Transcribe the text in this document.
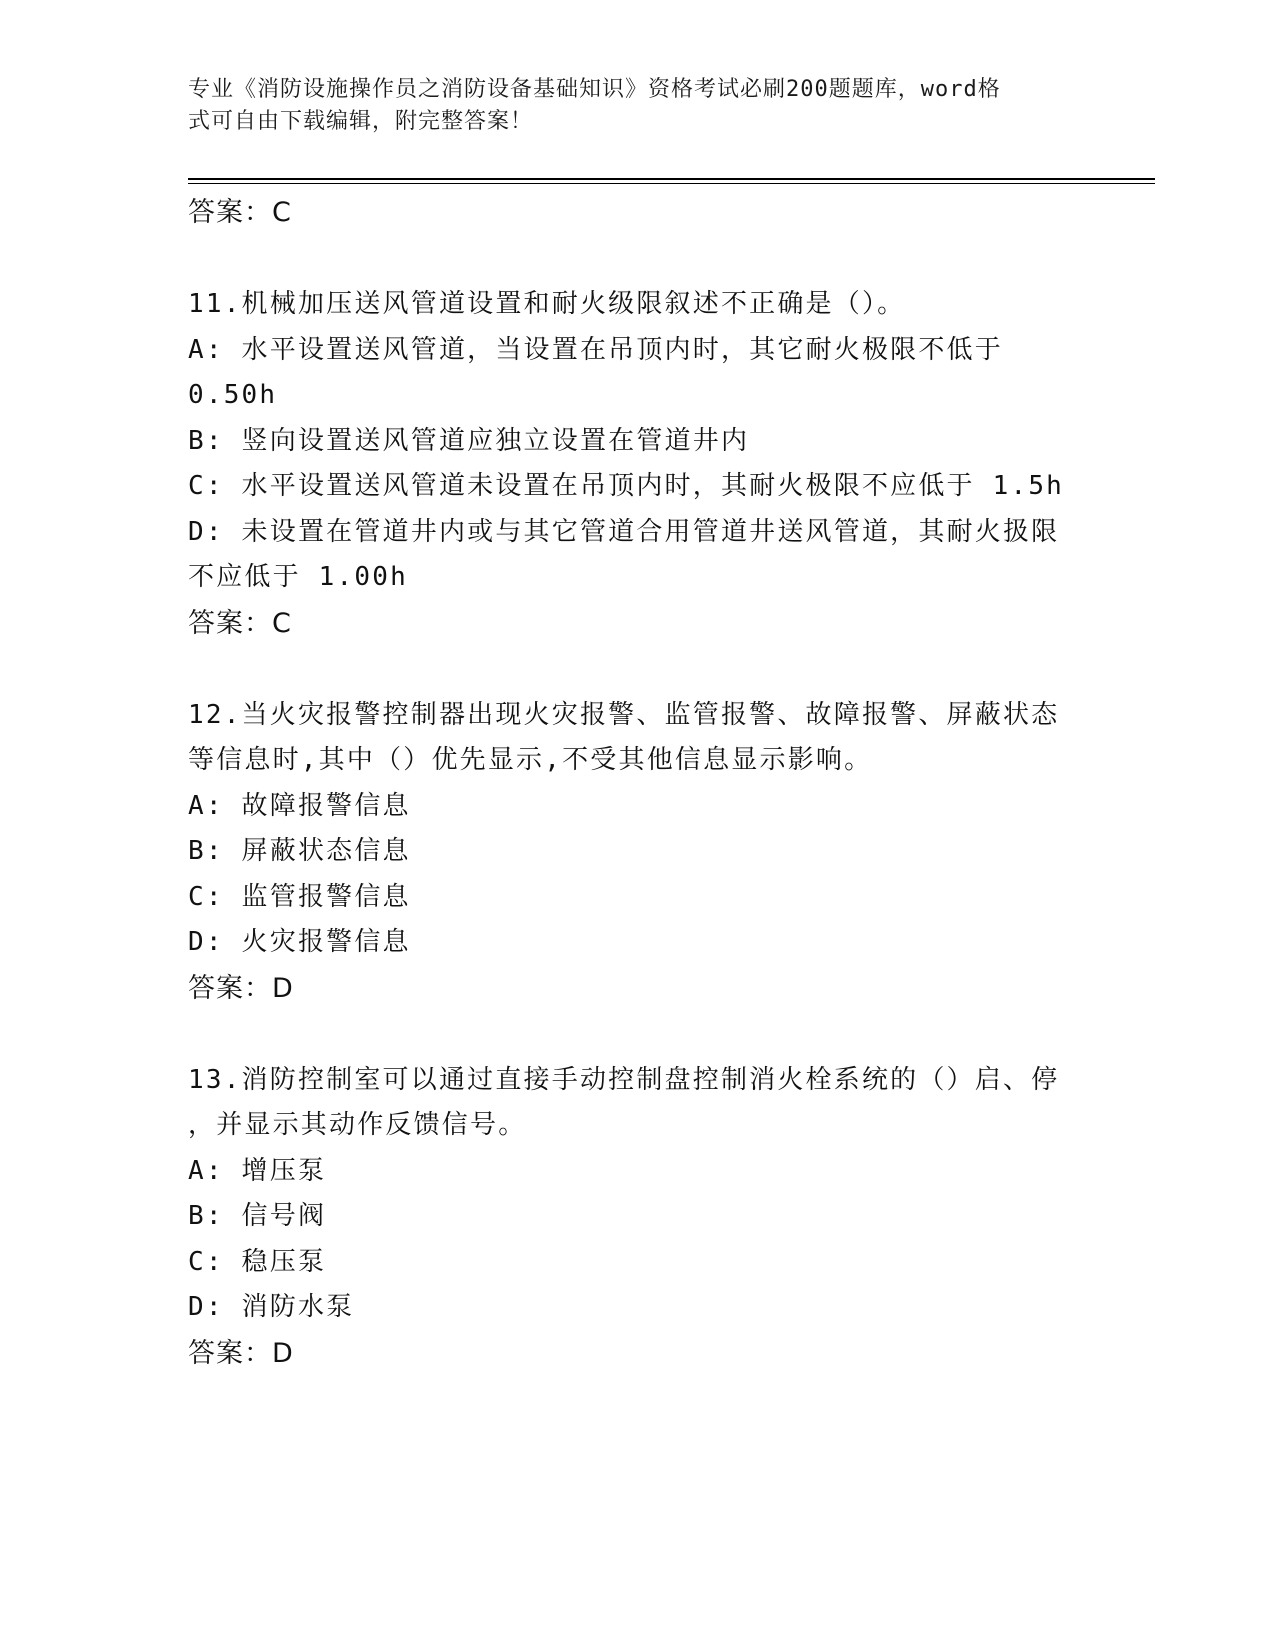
专业《消防设施操作员之消防设备基础知识》资格考试必刷200题题库，word格
式可自由下载编辑，附完整答案！
答案：C
11.机械加压送风管道设置和耐火级限叙述不正确是（）。
A: 水平设置送风管道，当设置在吊顶内时，其它耐火极限不低于
0.50h
B: 竖向设置送风管道应独立设置在管道井内
C: 水平设置送风管道未设置在吊顶内时，其耐火极限不应低于 1.5h
D: 未设置在管道井内或与其它管道合用管道井送风管道，其耐火扱限
不应低于 1.00h
答案：C
12.当火灾报警控制器出现火灾报警、监管报警、故障报警、屏蔽状态
等信息时,其中（）优先显示,不受其他信息显示影响。
A: 故障报警信息
B: 屏蔽状态信息
C: 监管报警信息
D: 火灾报警信息
答案：D
13.消防控制室可以通过直接手动控制盘控制消火栓系统的（）启、停
，并显示其动作反馈信号。
A: 增压泵
B: 信号阀
C: 稳压泵
D: 消防水泵
答案：D
